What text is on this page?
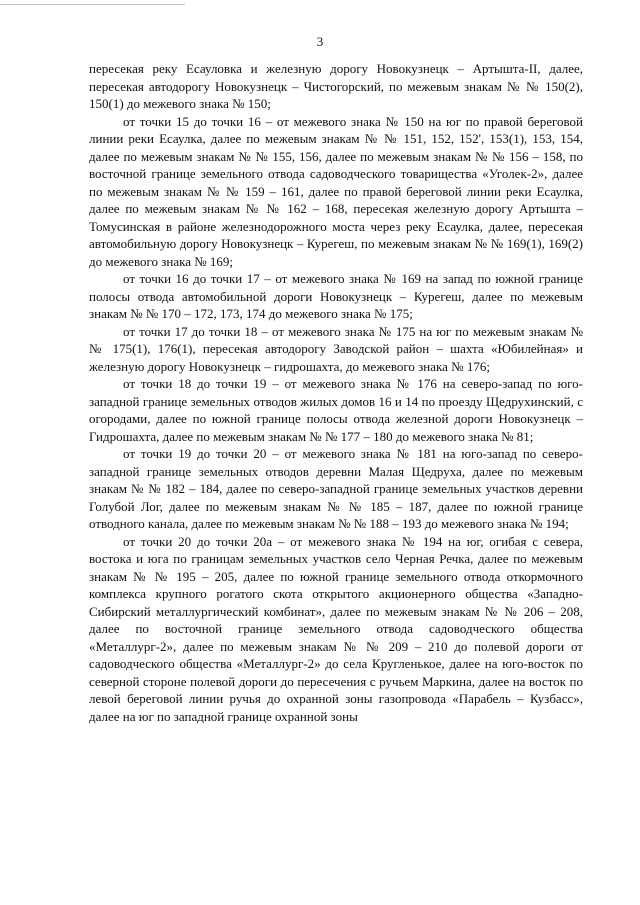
3

пересекая реку Есауловка и железную дорогу Новокузнецк – Артышта-II, далее, пересекая автодорогу Новокузнецк – Чистогорский, по межевым знакам № № 150(2), 150(1) до межевого знака № 150;

от точки 15 до точки 16 – от межевого знака № 150 на юг по правой береговой линии реки Есаулка, далее по межевым знакам № № 151, 152, 152', 153(1), 153, 154, далее по межевым знакам № № 155, 156, далее по межевым знакам № № 156 – 158, по восточной границе земельного отвода садоводческого товарищества «Уголек-2», далее по межевым знакам № № 159 – 161, далее по правой береговой линии реки Есаулка, далее по межевым знакам № № 162 – 168, пересекая железную дорогу Артышта – Томусинская в районе железнодорожного моста через реку Есаулка, далее, пересекая автомобильную дорогу Новокузнецк – Курегеш, по межевым знакам № № 169(1), 169(2) до межевого знака № 169;

от точки 16 до точки 17 – от межевого знака № 169 на запад по южной границе полосы отвода автомобильной дороги Новокузнецк – Курегеш, далее по межевым знакам № № 170 – 172, 173, 174 до межевого знака № 175;

от точки 17 до точки 18 – от межевого знака № 175 на юг по межевым знакам № № 175(1), 176(1), пересекая автодорогу Заводской район – шахта «Юбилейная» и железную дорогу Новокузнецк – гидрошахта, до межевого знака № 176;

от точки 18 до точки 19 – от межевого знака № 176 на северо-запад по юго-западной границе земельных отводов жилых домов 16 и 14 по проезду Щедрухинский, с огородами, далее по южной границе полосы отвода железной дороги Новокузнецк – Гидрошахта, далее по межевым знакам № № 177 – 180 до межевого знака № 81;

от точки 19 до точки 20 – от межевого знака № 181 на юго-запад по северо-западной границе земельных отводов деревни Малая Щедруха, далее по межевым знакам № № 182 – 184, далее по северо-западной границе земельных участков деревни Голубой Лог, далее по межевым знакам № № 185 – 187, далее по южной границе отводного канала, далее по межевым знакам № № 188 – 193 до межевого знака № 194;

от точки 20 до точки 20а – от межевого знака № 194 на юг, огибая с севера, востока и юга по границам земельных участков село Черная Речка, далее по межевым знакам № № 195 – 205, далее по южной границе земельного отвода откормочного комплекса крупного рогатого скота открытого акционерного общества «Западно-Сибирский металлургический комбинат», далее по межевым знакам № № 206 – 208, далее по восточной границе земельного отвода садоводческого общества «Металлург-2», далее по межевым знакам № № 209 – 210 до полевой дороги от садоводческого общества «Металлург-2» до села Кругленькое, далее на юго-восток по северной стороне полевой дороги до пересечения с ручьем Маркина, далее на восток по левой береговой линии ручья до охранной зоны газопровода «Парабель – Кузбасс», далее на юг по западной границе охранной зоны
